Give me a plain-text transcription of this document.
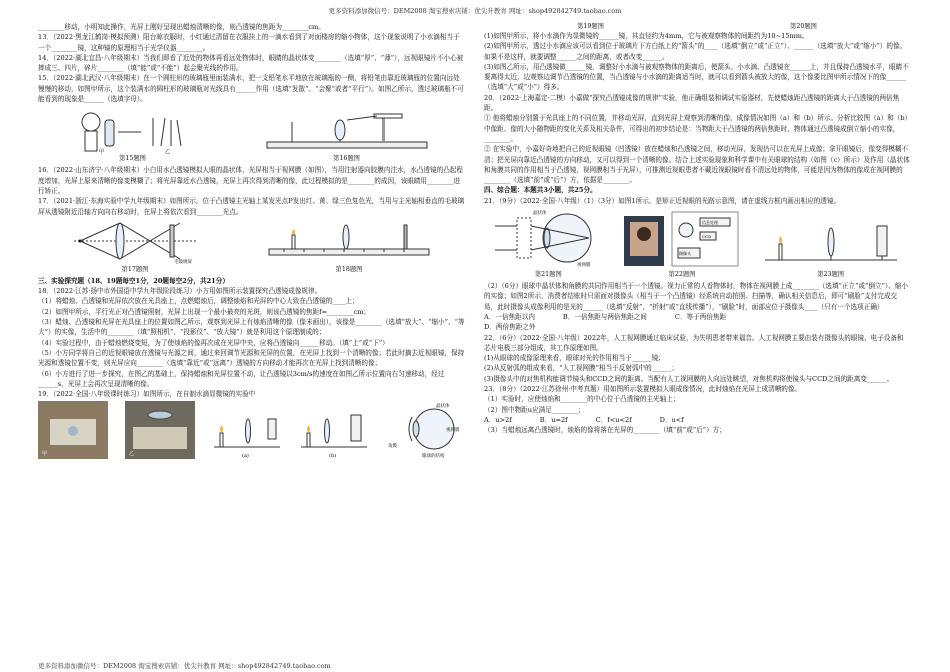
更多资料添加微信号：DEM2008 淘宝搜索店铺：优尖升教育 网址：shop492842749.taobao.com

________移动，小明知此操作，光屏上刚好呈现出蜡烛清晰的像，则凸透镜的焦距为________cm。

13．（2022·黑龙江鹤岗·模拟预测）阳台晾衣服时，小红通过清留在衣服挂上的一滴水看到了对面楼房的缩小物体，这个现象说明了小水滴相当于一个________镜，这种镜的原理相当于光学仪器________。

14．（2022·湖北宜昌·八年级期末）当我们即看了近处的物体再看远处物体时，眼睛的晶状体变________（选填“厚”、“薄”），远视眼镜片不小心被摔成三、四片，碎片________（填“能”或“不能”）起会聚光线的作用。

15．（2022·湖北武汉·八年级期末）在一个圆柱形的玻璃瓶里面装满水，把一支铅笔水平地放在玻璃瓶的一侧，将铅笔由靠近玻璃瓶的位置向远处慢慢的移动，如图甲所示，这个装满水的圆柱形的玻璃瓶对光线具有______作用（选填“发散”、“会聚”或者“平行”）。如图乙所示，透过玻璃瓶不可能看到的现象是______（选填字母）。

甲	乙
第15题图	第16题图

16．（2022·山东济宁·八年级期末）小白用水凸透镜模拟人眼的晶状体，光屏相当于视网膜（如图），当用注射器向胶膜内注水，水凸透镜的凸起程度增加，光屏上原来清晰的像变模糊了；将光屏靠近水凸透镜，光屏上再次得到清晰的像，此过程模拟的是________的成因，该眼睛用________进行矫正。

17．（2021·浙江·东海实验中学九年级期末）如图所示，位于凸透镜主光轴上某发光点P发出红、黄、绿三色复色光，当用与主光轴相垂直的毛玻璃屏从透镜附近沿轴方向向右移动时，在屏上将依次看到________光点。

毛玻璃屏
第17题图	第18题图

三、实验探究题（18、19题每空1分，20题每空2分，共21分）

18．（2022·江苏·扬中市外国语中学九年级阶段练习）小方用如图所示装置探究凸透镜成像规律。

（1）将蜡烛、凸透镜和光屏依次放在光具座上，点燃蜡烛后，调整烛焰和光屏的中心大致在凸透镜的____上；

（2）如图甲所示，平行光正对凸透镜照射，光屏上出现一个最小最亮的光斑，则该凸透镜的焦距f=________cm；

（3）蜡烛、凸透镜和光屏在光具座上的位置如图乙所示，观察到光屏上有烛焰清晰的像（像未画出），该像是________（选填“放大”、“缩小”、“等大”）的实像，生活中的________（填“照相机”、“投影仪”、“放大镜”）就是利用这个原理制成的；

（4）实验过程中，由于蜡烛燃烧变短，为了使烛焰的像再次成在光屏中央，应将凸透镜向______移动。（填“上”或“下”）

（5）小方同学将自己的近视眼镜放在透镜与光源之间，通过来回调节光源和光屏的位置，在光屏上找到一个清晰的像；若此时摘去近视眼镜，保持光源和透镜位置不变，则光屏应向________（选填“靠近”或“远离”）透镜的方向移动才能再次在光屏上找到清晰的像；

（6）小方进行了进一步探究，在图乙的基础上，保持蜡烛和光屏位置不动，让凸透镜以3cm/s的速度在如图乙所示位置向右匀速移动，经过______s，光屏上会再次呈现清晰的像。

19．（2022·全国·八年级课时练习）如图所示，在自制水滴显微镜的实验中

甲	乙	(a)	(b)
晶状体
角膜
视网膜
眼球的结构
第19题图	第20题图

(1)如图甲所示，将小水滴作为显微镜的______镜，其直径约为4mm，它与被观察物体的间距约为10~15mm。

(2)如图甲所示，透过小水滴应该可以看到位于玻璃片下方白纸上的“箭头”的____（选填“倒立”或“正立”）、______（选填“放大”或“缩小”）的像。如果不是这样，就要调整______之间的距离，或者改变______。

(3)如图乙所示，用凸透镜做______镜，调整好小水滴与被观察物体的距离后，使箭头、小水滴、凸透镜在______上，并且保持凸透镜水平，眼睛不要离得太近，边观察边调节凸透镜的位置，当凸透镜与小水滴的距离适当时，就可以看到箭头被放大的像，这个像要比图甲所示情况下的像______（选填“大”或“小”）得多。

20．（2022·上海嘉定·二模）小嘉做“探究凸透镜成像的规律”实验，他正确组装和调试实验器材，先使蜡烛距凸透镜的距离大于凸透镜的两倍焦距。

① 他将蜡烛分别置于光具座上的不同位置，并移动光屏，直到光屏上观察到清晰的像，成像情况如图（a）和（b）所示。分析比较图（a）和（b）中像距、像的大小随物距的变化关系及相关条件，可得出的初步结论是：当物距大于凸透镜的两倍焦距时，物体通过凸透镜成倒立缩小的实像，________。

② 在实验中，小嘉好奇地把自己的近视眼镜（凹透镜）放在蜡烛和凸透镜之间，移动光屏，发现仍可以在光屏上成像；拿开眼镜后，像变得模糊不清；把光屏向靠近凸透镜的方向移动，又可以得到一个清晰的像。结合上述实验现象和科学课中有关眼球的结构（如图（c）所示）及作用（晶状体和角膜共同的作用相当于凸透镜，视网膜相当于光屏），可推测近视眼患者不戴近视眼镜时看不清远处的物体，可能是因为物体的像成在视网膜的________（选填“前”或“后”）方，依据是________。

四、综合题：本题共3小题，共25分。

21．（9分）（2022·全国·八年级）（1）（3分）如图1所示，是矫正近视眼的光路示意图，请在虚线方框内画出相应的透镜。

晶状体
视网膜
第21题图
信息处理
CCD
摄像头
第22题图	第23题图

（2）（6分）眼球中晶状体和角膜的共同作用相当于一个透镜。视力正常的人看物体时，物体在视网膜上成________（选填“正立”或“倒立”）、缩小的实像；如图2所示，消费者结账时只需面对摄像头（相当于一个凸透镜）经系统自动拍照、扫描等，确认相关信息后，即可“刷脸”支付完成交易，此时摄像头成像利用的是光的______（选填“反射”、“折射”或“直线传播”），“刷脸”时，面部应位于摄像头____（只有一个选项正确）

A．一倍焦距以内	B．一倍焦距与两倍焦距之间	C．等于两倍焦距

D．两倍焦距之外

22．（6分）（2022·全国·八年级）2022年，人工视网膜通过临床试验，为失明患者带来福音。人工视网膜主要由装有摄像头的眼镜、电子设备和芯片电极三部分组成，其工作原理如图。

(1)从眼球的成像原理来看，眼球对光的作用相当于______镜；

(2)从反射弧的组成来看，“人工视网膜”相当于反射弧中的______；

(3)摄像头中的对焦机构能调节镜头和CCD之间的距离。当配有人工视网膜的人向远处眺望，对焦机构将使镜头与CCD之间的距离变______。

23．（8分）（2022·江苏徐州·中考真题）用如图所示装置模拟人眼成像情况，此时烛焰在光屏上成清晰的像。

（1）实验时，应使烛焰和________的中心位于凸透镜的主光轴上；

（2）图中物距u应满足________；

A．u>2f	B．u=2f	C．f<u<2f	D．u<f

（3）当蜡烛远离凸透镜时，烛焰的像将落在光屏的________（填“前”或“后”）方；

更多资料添加微信号：DEM2008 淘宝搜索店铺：优尖升教育 网址：shop492842749.taobao.com
